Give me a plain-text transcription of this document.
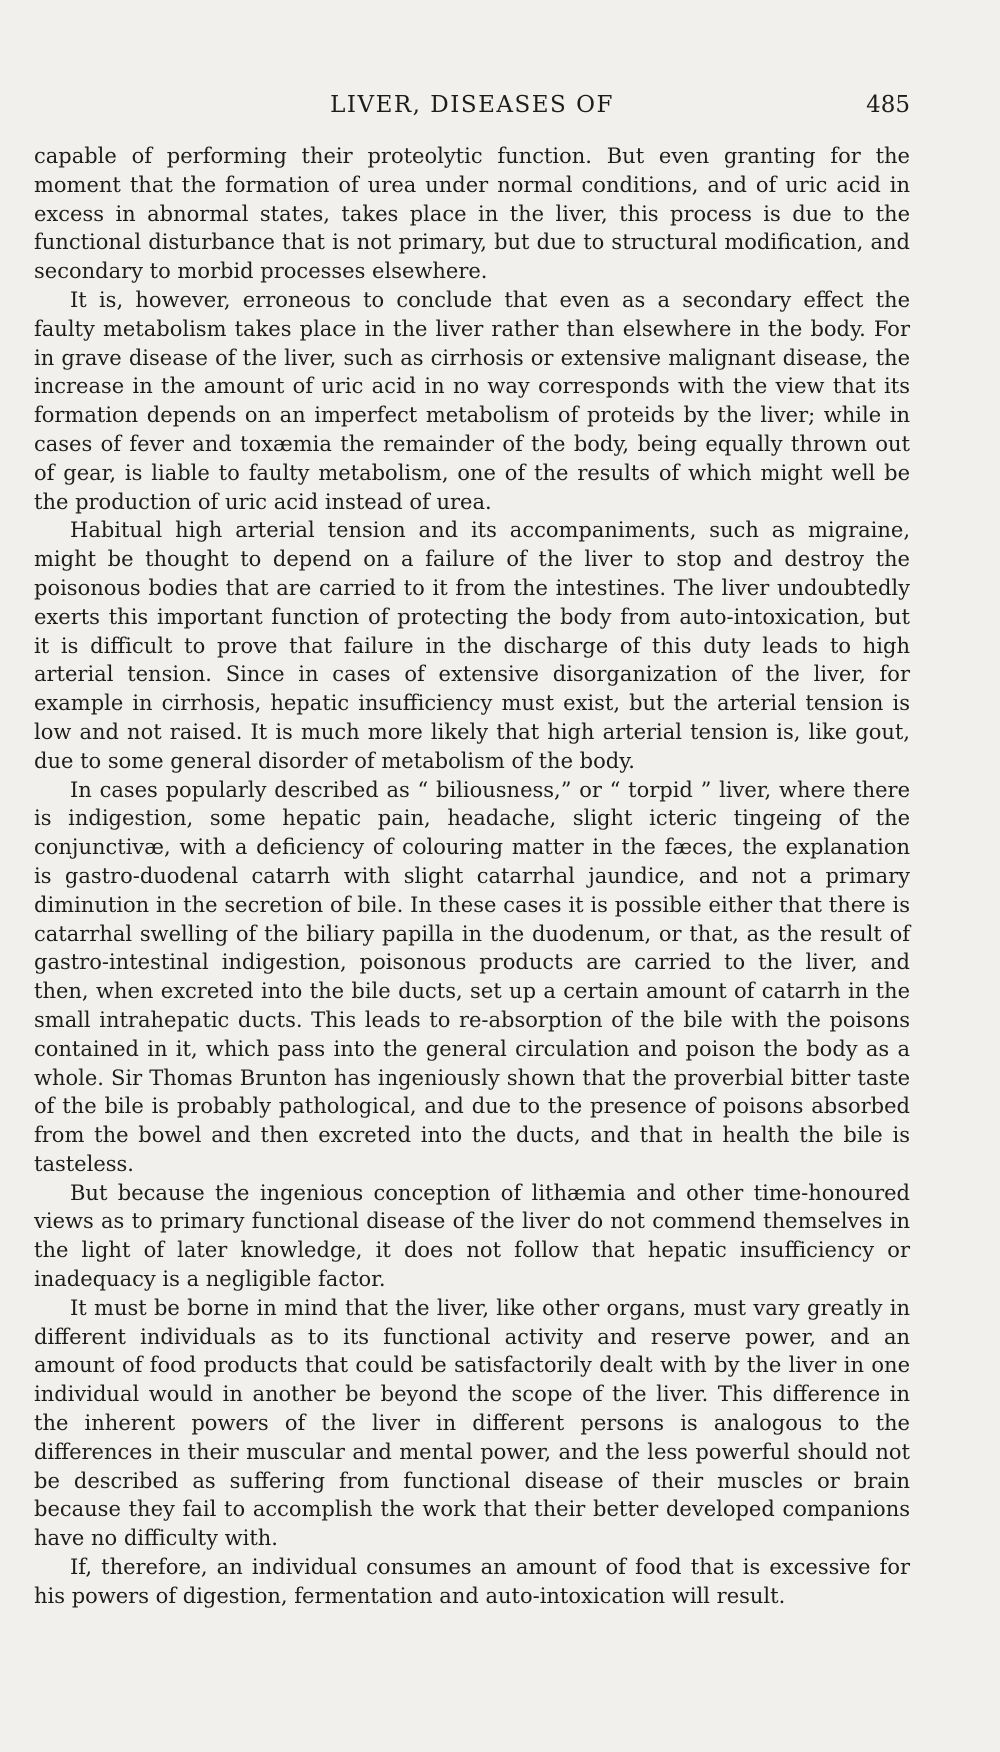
LIVER, DISEASES OF	485

capable of performing their proteolytic function. But even granting for the moment that the formation of urea under normal conditions, and of uric acid in excess in abnormal states, takes place in the liver, this process is due to the functional disturbance that is not primary, but due to structural modification, and secondary to morbid processes elsewhere.

It is, however, erroneous to conclude that even as a secondary effect the faulty metabolism takes place in the liver rather than elsewhere in the body. For in grave disease of the liver, such as cirrhosis or extensive malignant disease, the increase in the amount of uric acid in no way corresponds with the view that its formation depends on an imperfect metabolism of proteids by the liver; while in cases of fever and toxæmia the remainder of the body, being equally thrown out of gear, is liable to faulty metabolism, one of the results of which might well be the production of uric acid instead of urea.

Habitual high arterial tension and its accompaniments, such as migraine, might be thought to depend on a failure of the liver to stop and destroy the poisonous bodies that are carried to it from the intestines. The liver undoubtedly exerts this important function of protecting the body from auto-intoxication, but it is difficult to prove that failure in the discharge of this duty leads to high arterial tension. Since in cases of extensive disorganization of the liver, for example in cirrhosis, hepatic insufficiency must exist, but the arterial tension is low and not raised. It is much more likely that high arterial tension is, like gout, due to some general disorder of metabolism of the body.

In cases popularly described as “ biliousness,” or “ torpid ” liver, where there is indigestion, some hepatic pain, headache, slight icteric tingeing of the conjunctivæ, with a deficiency of colouring matter in the fæces, the explanation is gastro-duodenal catarrh with slight catarrhal jaundice, and not a primary diminution in the secretion of bile. In these cases it is possible either that there is catarrhal swelling of the biliary papilla in the duodenum, or that, as the result of gastro-intestinal indigestion, poisonous products are carried to the liver, and then, when excreted into the bile ducts, set up a certain amount of catarrh in the small intrahepatic ducts. This leads to re-absorption of the bile with the poisons contained in it, which pass into the general circulation and poison the body as a whole. Sir Thomas Brunton has ingeniously shown that the proverbial bitter taste of the bile is probably pathological, and due to the presence of poisons absorbed from the bowel and then excreted into the ducts, and that in health the bile is tasteless.

But because the ingenious conception of lithæmia and other time-honoured views as to primary functional disease of the liver do not commend themselves in the light of later knowledge, it does not follow that hepatic insufficiency or inadequacy is a negligible factor.

It must be borne in mind that the liver, like other organs, must vary greatly in different individuals as to its functional activity and reserve power, and an amount of food products that could be satisfactorily dealt with by the liver in one individual would in another be beyond the scope of the liver. This difference in the inherent powers of the liver in different persons is analogous to the differences in their muscular and mental power, and the less powerful should not be described as suffering from functional disease of their muscles or brain because they fail to accomplish the work that their better developed companions have no difficulty with.

If, therefore, an individual consumes an amount of food that is excessive for his powers of digestion, fermentation and auto-intoxication will result.
